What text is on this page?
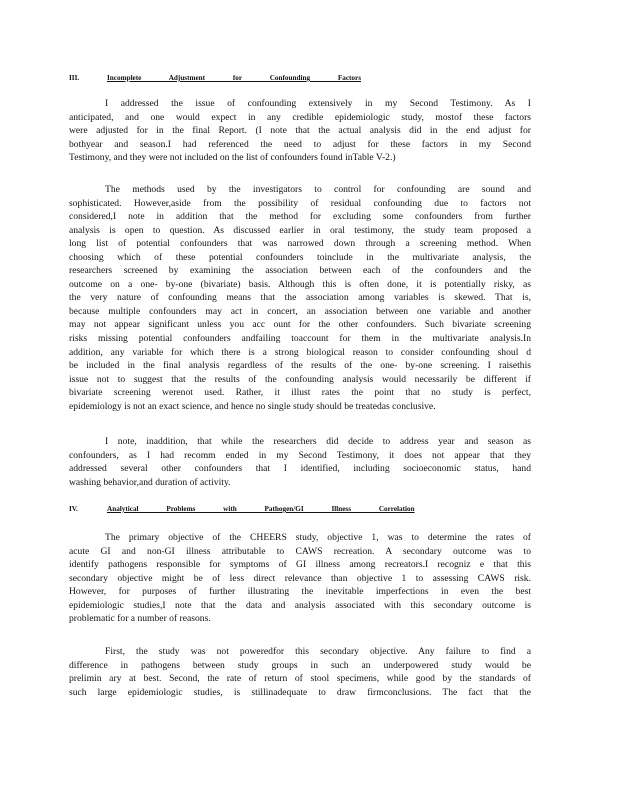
III.	Incomplete Adjustment for Confounding Factors
I addressed the issue of confounding extensively in my Second Testimony. As I
anticipated, and one would expect in any credible epidemiologic study, mostof these factors
were adjusted for in the final Report. (I note that the actual analysis did in the end adjust for
bothyear and season.I had referenced the need to adjust for these factors in my Second
Testimony, and they were not included on the list of confounders found inTable V-2.)
The methods used by the investigators to control for confounding are sound and
sophisticated. However,aside from the possibility of residual confounding due to factors not
considered,I note in addition that the method for excluding some confounders from further
analysis is open to question. As discussed earlier in oral testimony, the study team proposed a
long list of potential confounders that was narrowed down through a screening method. When
choosing which of these potential confounders toinclude in the multivariate analysis, the
researchers screened by examining the association between each of the confounders and the
outcome on a one- by-one (bivariate) basis. Although this is often done, it is potentially risky, as
the very nature of confounding means that the association among variables is skewed. That is,
because multiple confounders may act in concert, an association between one variable and another
may not appear significant unless you acc ount for the other confounders. Such bivariate screening
risks missing potential confounders andfailing toaccount for them in the multivariate analysis.In
addition, any variable for which there is a strong biological reason to consider confounding shoul d
be included in the final analysis regardless of the results of the one- by-one screening. I raisethis
issue not to suggest that the results of the confounding analysis would necessarily be different if
bivariate screening werenot used. Rather, it illust rates the point that no study is perfect,
epidemiology is not an exact science, and hence no single study should be treatedas conclusive.
I note, inaddition, that while the researchers did decide to address year and season as
confounders, as I had recomm ended in my Second Testimony, it does not appear that they
addressed several other confounders that I identified, including socioeconomic status, hand
washing behavior,and duration of activity.
IV.	Analytical Problems with Pathogen/GI Illness Correlation
The primary objective of the CHEERS study, objective 1, was to determine the rates of
acute GI and non-GI illness attributable to CAWS recreation. A secondary outcome was to
identify pathogens responsible for symptoms of GI illness among recreators.I recogniz e that this
secondary objective might be of less direct relevance than objective 1 to assessing CAWS risk.
However, for purposes of further illustrating the inevitable imperfections in even the best
epidemiologic studies,I note that the data and analysis associated with this secondary outcome is
problematic for a number of reasons.
First, the study was not poweredfor this secondary objective. Any failure to find a
difference in pathogens between study groups in such an underpowered study would be
prelimin ary at best. Second, the rate of return of stool specimens, while good by the standards of
such large epidemiologic studies, is stillinadequate to draw firmconclusions. The fact that the
